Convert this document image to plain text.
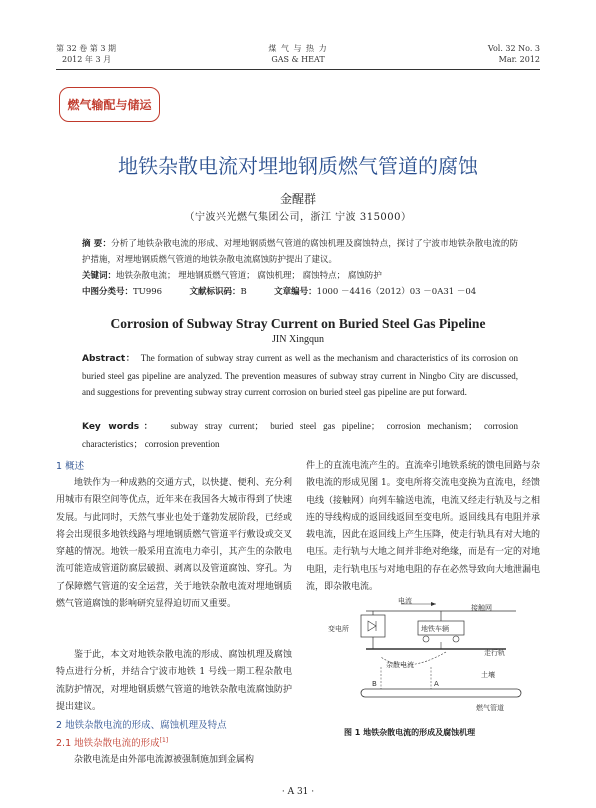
第 32 卷 第 3 期
2012 年 3 月
煤 气 与 热 力
GAS & HEAT
Vol. 32 No. 3
Mar. 2012
燃气输配与储运
地铁杂散电流对埋地钢质燃气管道的腐蚀
金醒群
（宁波兴光燃气集团公司，浙江 宁波 315000）
摘 要：分析了地铁杂散电流的形成、对埋地钢质燃气管道的腐蚀机理及腐蚀特点，探讨了宁波市地铁杂散电流的防护措施，对埋地钢质燃气管道的地铁杂散电流腐蚀防护提出了建议。
关键词：地铁杂散电流； 埋地钢质燃气管道； 腐蚀机理； 腐蚀特点； 腐蚀防护
中图分类号：TU996	文献标识码：B	文章编号：1000 －4416（2012）03 －0A31 －04
Corrosion of Subway Stray Current on Buried Steel Gas Pipeline
JIN Xingqun
Abstract： The formation of subway stray current as well as the mechanism and characteristics of its corrosion on buried steel gas pipeline are analyzed. The prevention measures of subway stray current in Ningbo City are discussed, and suggestions for preventing subway stray current corrosion on buried steel gas pipeline are put forward.
Key words： subway stray current； buried steel gas pipeline； corrosion mechanism； corrosion characteristics； corrosion prevention
1 概述
地铁作为一种成熟的交通方式，以快捷、便利、充分利用城市有限空间等优点，近年来在我国各大城市得到了快速发展。与此同时，天然气事业也处于蓬勃发展阶段，已经或将会出现很多地铁线路与埋地钢质燃气管道平行敷设或交叉穿越的情况。地铁一般采用直流电力牵引，其产生的杂散电流可能造成管道防腐层破损、剥离以及管道腐蚀、穿孔。为了保障燃气管道的安全运营，关于地铁杂散电流对埋地钢质燃气管道腐蚀的影响研究显得迫切而又重要。
鉴于此，本文对地铁杂散电流的形成、腐蚀机理及腐蚀特点进行分析，并结合宁波市地铁 1 号线一期工程杂散电流防护情况，对埋地钢质燃气管道的地铁杂散电流腐蚀防护提出建议。
2 地铁杂散电流的形成、腐蚀机理及特点
2.1 地铁杂散电流的形成[1]
杂散电流是由外部电流源被强制施加到金属构
件上的直流电流产生的。直流牵引地铁系统的馈电回路与杂散电流的形成见图 1。变电所将交流电变换为直流电，经馈电线（接触网）向列车输送电流，电流又经走行轨及与之相连的导线构成的返回线返回至变电所。返回线具有电阻并承载电流，因此在返回线上产生压降，使走行轨具有对大地的电压。走行轨与大地之间并非绝对绝缘，而是有一定的对地电阻，走行轨电压与对地电阻的存在必然导致向大地泄漏电流，即杂散电流。
电流
接触网
变电所	地铁车辆
走行轨
杂散电流
土壤
B	A
燃气管道
图 1 地铁杂散电流的形成及腐蚀机理
· A 31 ·
